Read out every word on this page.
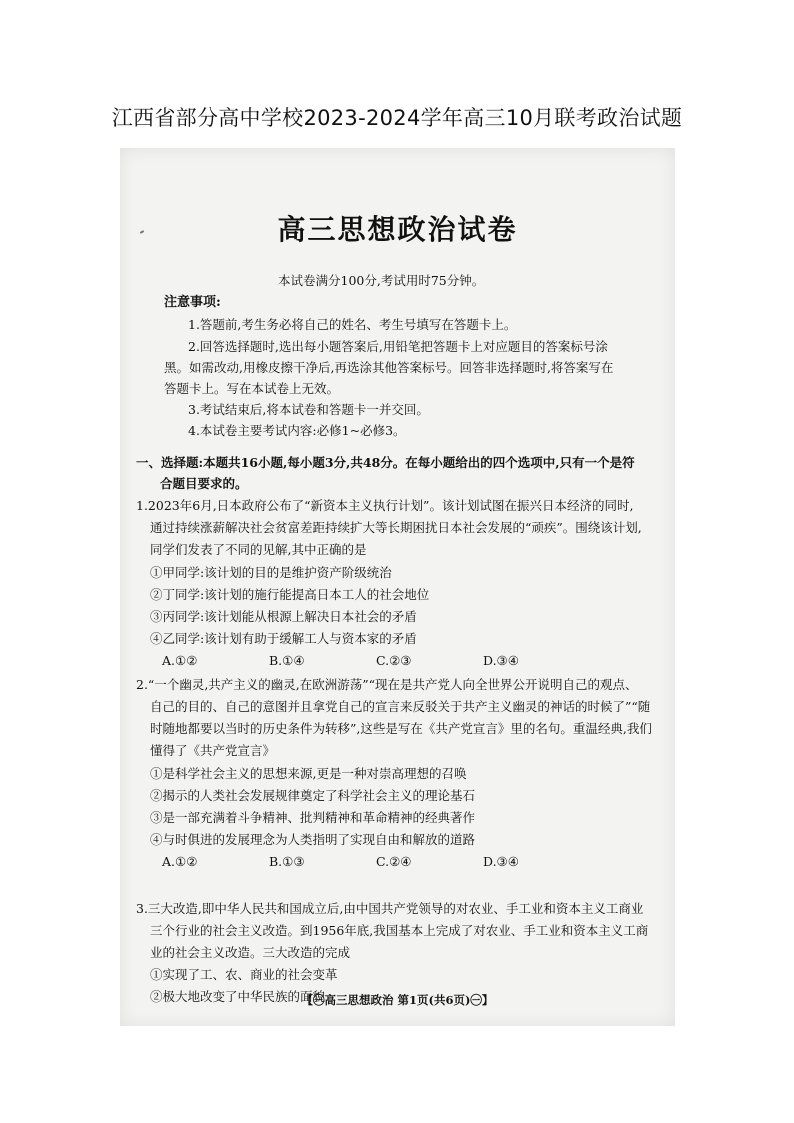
江西省部分高中学校2023-2024学年高三10月联考政治试题
高三思想政治试卷
本试卷满分100分,考试用时75分钟。
注意事项:
1.答题前,考生务必将自己的姓名、考生号填写在答题卡上。
2.回答选择题时,选出每小题答案后,用铅笔把答题卡上对应题目的答案标号涂
黑。如需改动,用橡皮擦干净后,再选涂其他答案标号。回答非选择题时,将答案写在
答题卡上。写在本试卷上无效。
3.考试结束后,将本试卷和答题卡一并交回。
4.本试卷主要考试内容:必修1~必修3。
一、选择题:本题共16小题,每小题3分,共48分。在每小题给出的四个选项中,只有一个是符
合题目要求的。
1.2023年6月,日本政府公布了“新资本主义执行计划”。该计划试图在振兴日本经济的同时,
通过持续涨薪解决社会贫富差距持续扩大等长期困扰日本社会发展的“顽疾”。围绕该计划,
同学们发表了不同的见解,其中正确的是
①甲同学:该计划的目的是维护资产阶级统治
②丁同学:该计划的施行能提高日本工人的社会地位
③丙同学:该计划能从根源上解决日本社会的矛盾
④乙同学:该计划有助于缓解工人与资本家的矛盾
A.①②	B.①④	C.②③	D.③④
2.“一个幽灵,共产主义的幽灵,在欧洲游荡”“现在是共产党人向全世界公开说明自己的观点、
自己的目的、自己的意图并且拿党自己的宣言来反驳关于共产主义幽灵的神话的时候了”“随
时随地都要以当时的历史条件为转移”,这些是写在《共产党宣言》里的名句。重温经典,我们
懂得了《共产党宣言》
①是科学社会主义的思想来源,更是一种对崇高理想的召唤
②揭示的人类社会发展规律奠定了科学社会主义的理论基石
③是一部充满着斗争精神、批判精神和革命精神的经典著作
④与时俱进的发展理念为人类指明了实现自由和解放的道路
A.①②	B.①③	C.②④	D.③④
3.三大改造,即中华人民共和国成立后,由中国共产党领导的对农业、手工业和资本主义工商业
三个行业的社会主义改造。到1956年底,我国基本上完成了对农业、手工业和资本主义工商
业的社会主义改造。三大改造的完成
①实现了工、农、商业的社会变革
②极大地改变了中华民族的面貌
【㊀高三思想政治 第1页(共6页)㊀】
